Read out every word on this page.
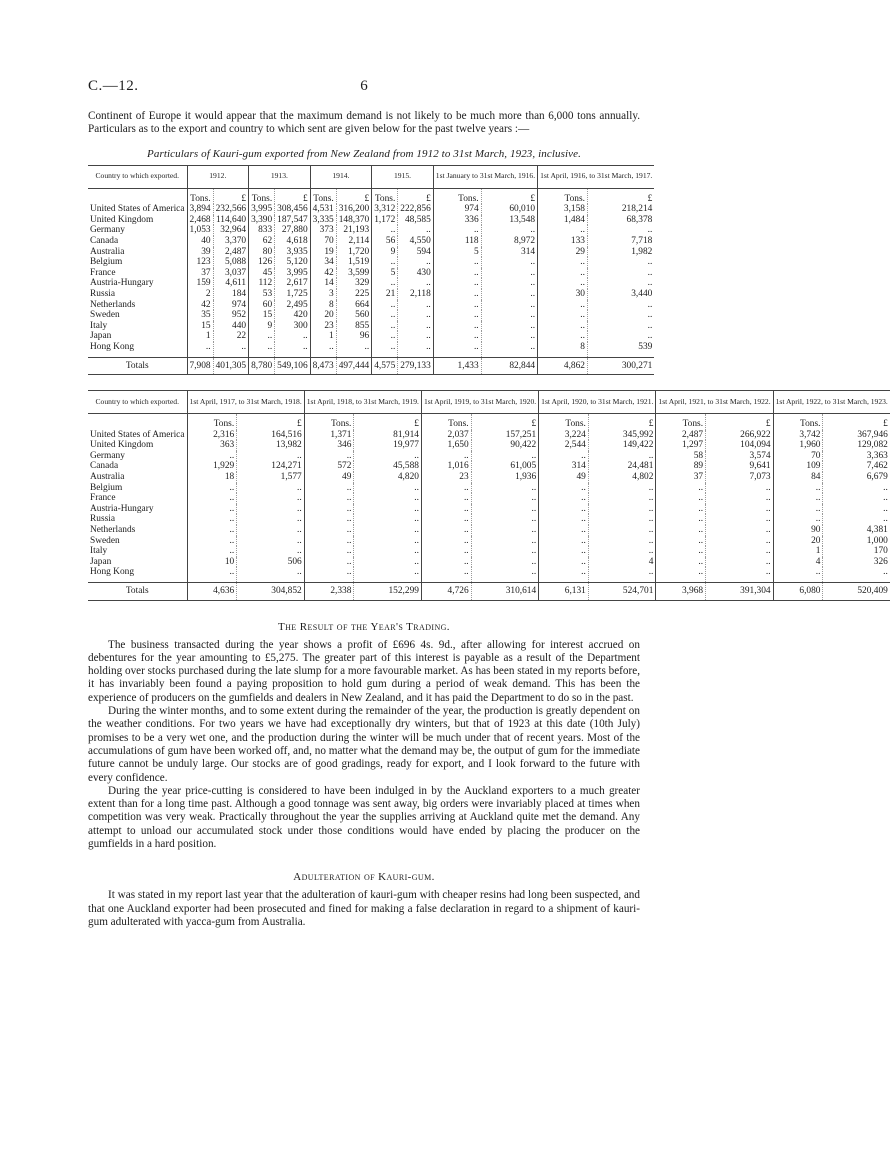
C.—12.	6

Continent of Europe it would appear that the maximum demand is not likely to be much more than 6,000 tons annually. Particulars as to the export and country to which sent are given below for the past twelve years :—

Particulars of Kauri-gum exported from New Zealand from 1912 to 31st March, 1923, inclusive.
Country to which exported.	1912.		1913.		1914.		1915.		1st January to 31st March, 1916.		1st April, 1916, to 31st March, 1917.	
	Tons.	£	Tons.	£	Tons.	£	Tons.	£	Tons.	£	Tons.	£
United States of America	3,894	232,566	3,995	308,456	4,531	316,200	3,312	222,856	974	60,010	3,158	218,214
United Kingdom	2,468	114,640	3,390	187,547	3,335	148,370	1,172	48,585	336	13,548	1,484	68,378
Germany	1,053	32,964	833	27,880	373	21,193	..	..	..	..	..	..
Canada	40	3,370	62	4,618	70	2,114	56	4,550	118	8,972	133	7,718
Australia	39	2,487	80	3,935	19	1,720	9	594	5	314	29	1,982
Belgium	123	5,088	126	5,120	34	1,519	..	..	..	..	..	..
France	37	3,037	45	3,995	42	3,599	5	430	..	..	..	..
Austria-Hungary	159	4,611	112	2,617	14	329	..	..	..	..	..	..
Russia	2	184	53	1,725	3	225	21	2,118	..	..	30	3,440
Netherlands	42	974	60	2,495	8	664	..	..	..	..	..	..
Sweden	35	952	15	420	20	560	..	..	..	..	..	..
Italy	15	440	9	300	23	855	..	..	..	..	..	..
Japan	1	22	..	..	1	96	..	..	..	..	..	..
Hong Kong	..	..	..	..	..	..	..	..	..	..	8	539
Totals	7,908	401,305	8,780	549,106	8,473	497,444	4,575	279,133	1,433	82,844	4,862	300,271
Country to which exported.	1st April, 1917, to 31st March, 1918.		1st April, 1918, to 31st March, 1919.		1st April, 1919, to 31st March, 1920.		1st April, 1920, to 31st March, 1921.		1st April, 1921, to 31st March, 1922.		1st April, 1922, to 31st March, 1923.	
	Tons.	£	Tons.	£	Tons.	£	Tons.	£	Tons.	£	Tons.	£
United States of America	2,316	164,516	1,371	81,914	2,037	157,251	3,224	345,992	2,487	266,922	3,742	367,946
United Kingdom	363	13,982	346	19,977	1,650	90,422	2,544	149,422	1,297	104,094	1,960	129,082
Germany	..	..	..	..	..	..	..	..	58	3,574	70	3,363
Canada	1,929	124,271	572	45,588	1,016	61,005	314	24,481	89	9,641	109	7,462
Australia	18	1,577	49	4,820	23	1,936	49	4,802	37	7,073	84	6,679
Belgium	..	..	..	..	..	..	..	..	..	..	..	..
France	..	..	..	..	..	..	..	..	..	..	..	..
Austria-Hungary	..	..	..	..	..	..	..	..	..	..	..	..
Russia	..	..	..	..	..	..	..	..	..	..	..	..
Netherlands	..	..	..	..	..	..	..	..	..	..	90	4,381
Sweden	..	..	..	..	..	..	..	..	..	..	20	1,000
Italy	..	..	..	..	..	..	..	..	..	..	1	170
Japan	10	506	..	..	..	..	..	4	..	..	4	326
Hong Kong	..	..	..	..	..	..	..	..	..	..	..	..
Totals	4,636	304,852	2,338	152,299	4,726	310,614	6,131	524,701	3,968	391,304	6,080	520,409
The Result of the Year's Trading.

The business transacted during the year shows a profit of £696 4s. 9d., after allowing for interest accrued on debentures for the year amounting to £5,275. The greater part of this interest is payable as a result of the Department holding over stocks purchased during the late slump for a more favourable market. As has been stated in my reports before, it has invariably been found a paying proposition to hold gum during a period of weak demand. This has been the experience of producers on the gumfields and dealers in New Zealand, and it has paid the Department to do so in the past.

During the winter months, and to some extent during the remainder of the year, the production is greatly dependent on the weather conditions. For two years we have had exceptionally dry winters, but that of 1923 at this date (10th July) promises to be a very wet one, and the production during the winter will be much under that of recent years. Most of the accumulations of gum have been worked off, and, no matter what the demand may be, the output of gum for the immediate future cannot be unduly large. Our stocks are of good gradings, ready for export, and I look forward to the future with every confidence.

During the year price-cutting is considered to have been indulged in by the Auckland exporters to a much greater extent than for a long time past. Although a good tonnage was sent away, big orders were invariably placed at times when competition was very weak. Practically throughout the year the supplies arriving at Auckland quite met the demand. Any attempt to unload our accumulated stock under those conditions would have ended by placing the producer on the gumfields in a hard position.

Adulteration of Kauri-gum.

It was stated in my report last year that the adulteration of kauri-gum with cheaper resins had long been suspected, and that one Auckland exporter had been prosecuted and fined for making a false declaration in regard to a shipment of kauri-gum adulterated with yacca-gum from Australia.
